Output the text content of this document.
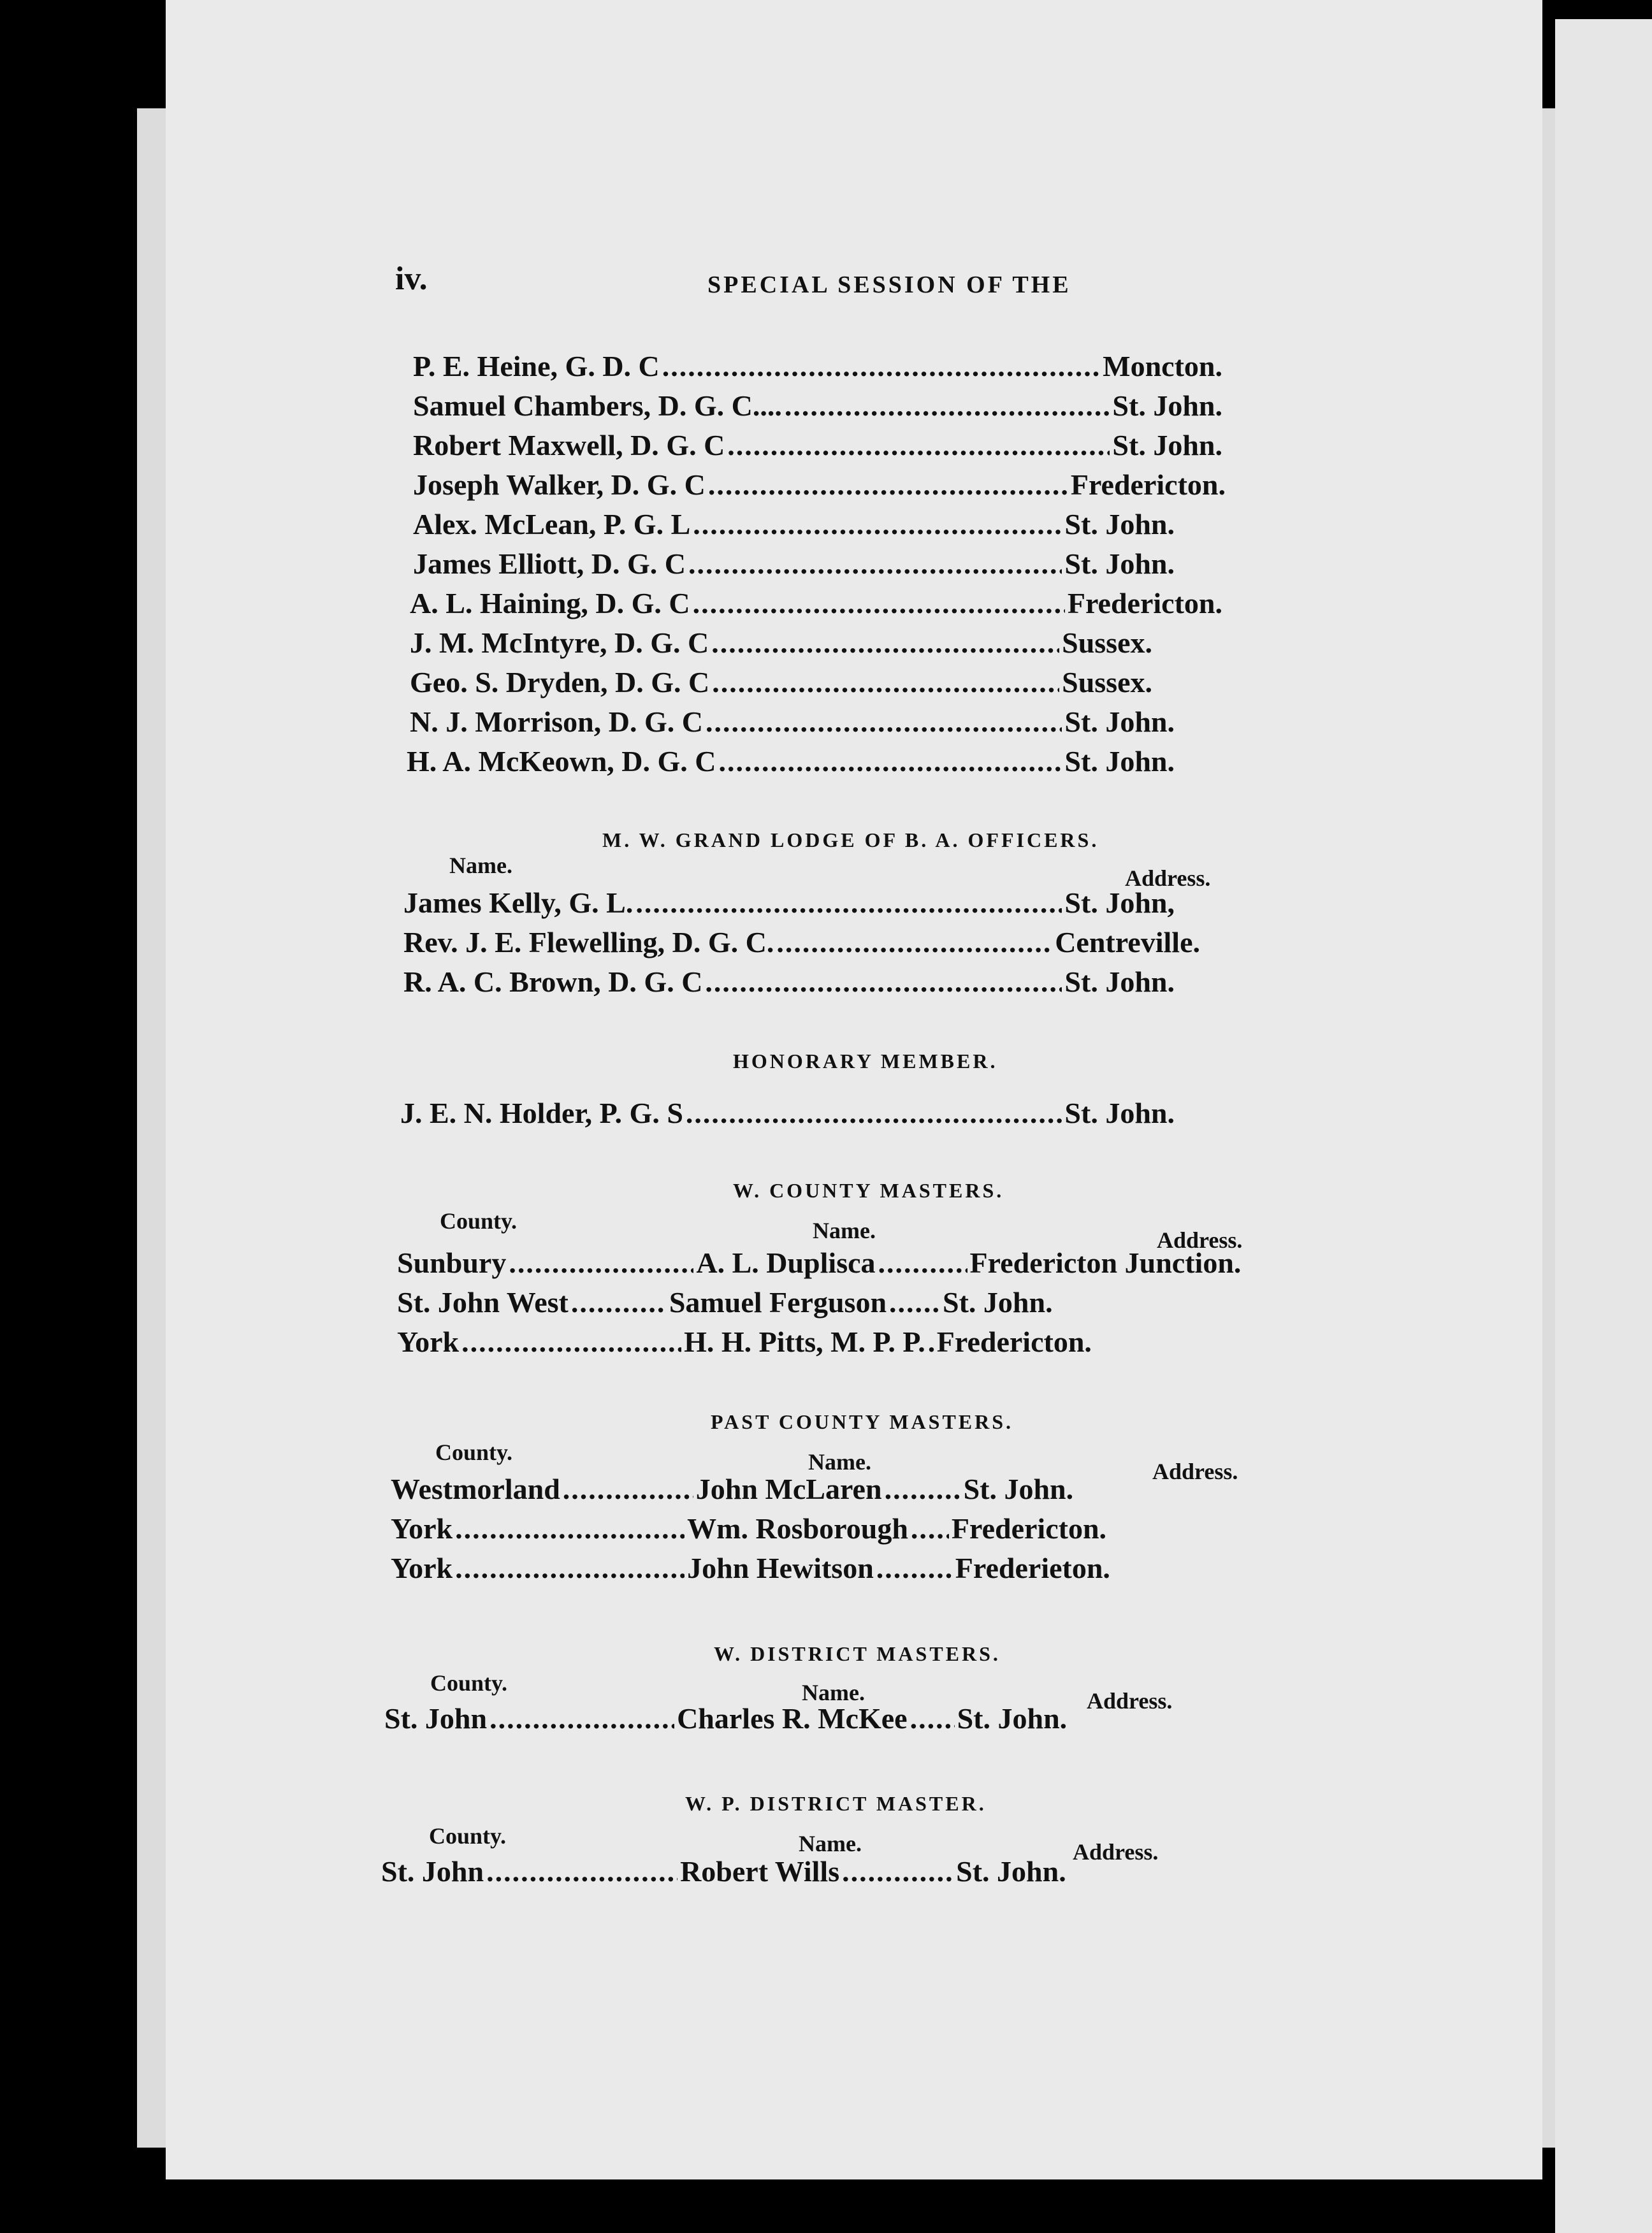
iv.	SPECIAL SESSION OF THE
P. E. Heine, G. D. C .....	Moncton.
Samuel Chambers, D. G. C.... .....	St. John.
Robert Maxwell, D. G. C .....	St. John.
Joseph Walker, D. G. C .....	Fredericton.
Alex. McLean, P. G. L .....	St. John.
James Elliott, D. G. C .....	St. John.
A. L. Haining, D. G. C .....	Fredericton.
J. M. McIntyre, D. G. C .....	Sussex.
Geo. S. Dryden, D. G. C .....	Sussex.
N. J. Morrison, D. G. C .....	St. John.
H. A. McKeown, D. G. C .....	St. John.
M. W. GRAND LODGE OF B. A. OFFICERS.
Name.	Address.
James Kelly, G. L. .....	St. John,
Rev. J. E. Flewelling, D. G. C. .....	Centreville.
R. A. C. Brown, D. G. C .....	St. John.
HONORARY MEMBER.
J. E. N. Holder, P. G. S .....	St. John.
W. COUNTY MASTERS.
County.	Name.	Address.
Sunbury .....	A. L. Duplisca .....	Fredericton Junction.
St. John West .....	Samuel Ferguson ..... St. John.
York .....	H. H. Pitts, M. P. P. ..... Fredericton.
PAST COUNTY MASTERS.
County.	Name.	Address.
Westmorland .....	John McLaren .....	St. John.
York .....	Wm. Rosborough ..... Fredericton.
York .....	John Hewitson .....	Frederieton.
W. DISTRICT MASTERS.
County.	Name.	Address.
St. John .....	Charles R. McKee ..... St. John.
W. P. DISTRICT MASTER.
County.	Name.	Address.
St. John .....	Robert Wills .....	St. John.
